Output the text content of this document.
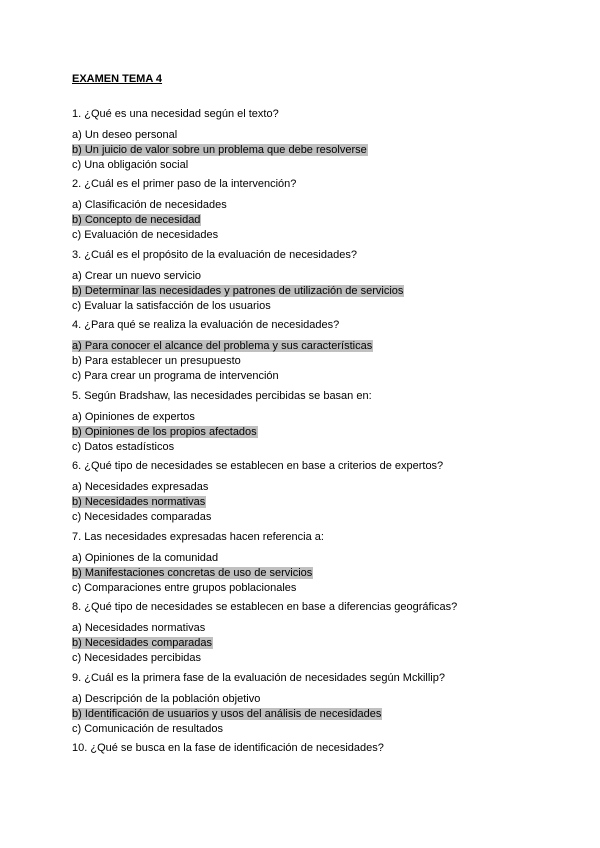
EXAMEN TEMA 4
1. ¿Qué es una necesidad según el texto?
a) Un deseo personal
b) Un juicio de valor sobre un problema que debe resolverse
c) Una obligación social
2. ¿Cuál es el primer paso de la intervención?
a) Clasificación de necesidades
b) Concepto de necesidad
c) Evaluación de necesidades
3. ¿Cuál es el propósito de la evaluación de necesidades?
a) Crear un nuevo servicio
b) Determinar las necesidades y patrones de utilización de servicios
c) Evaluar la satisfacción de los usuarios
4. ¿Para qué se realiza la evaluación de necesidades?
a) Para conocer el alcance del problema y sus características
b) Para establecer un presupuesto
c) Para crear un programa de intervención
5. Según Bradshaw, las necesidades percibidas se basan en:
a) Opiniones de expertos
b) Opiniones de los propios afectados
c) Datos estadísticos
6. ¿Qué tipo de necesidades se establecen en base a criterios de expertos?
a) Necesidades expresadas
b) Necesidades normativas
c) Necesidades comparadas
7. Las necesidades expresadas hacen referencia a:
a) Opiniones de la comunidad
b) Manifestaciones concretas de uso de servicios
c) Comparaciones entre grupos poblacionales
8. ¿Qué tipo de necesidades se establecen en base a diferencias geográficas?
a) Necesidades normativas
b) Necesidades comparadas
c) Necesidades percibidas
9. ¿Cuál es la primera fase de la evaluación de necesidades según Mckillip?
a) Descripción de la población objetivo
b) Identificación de usuarios y usos del análisis de necesidades
c) Comunicación de resultados
10. ¿Qué se busca en la fase de identificación de necesidades?
